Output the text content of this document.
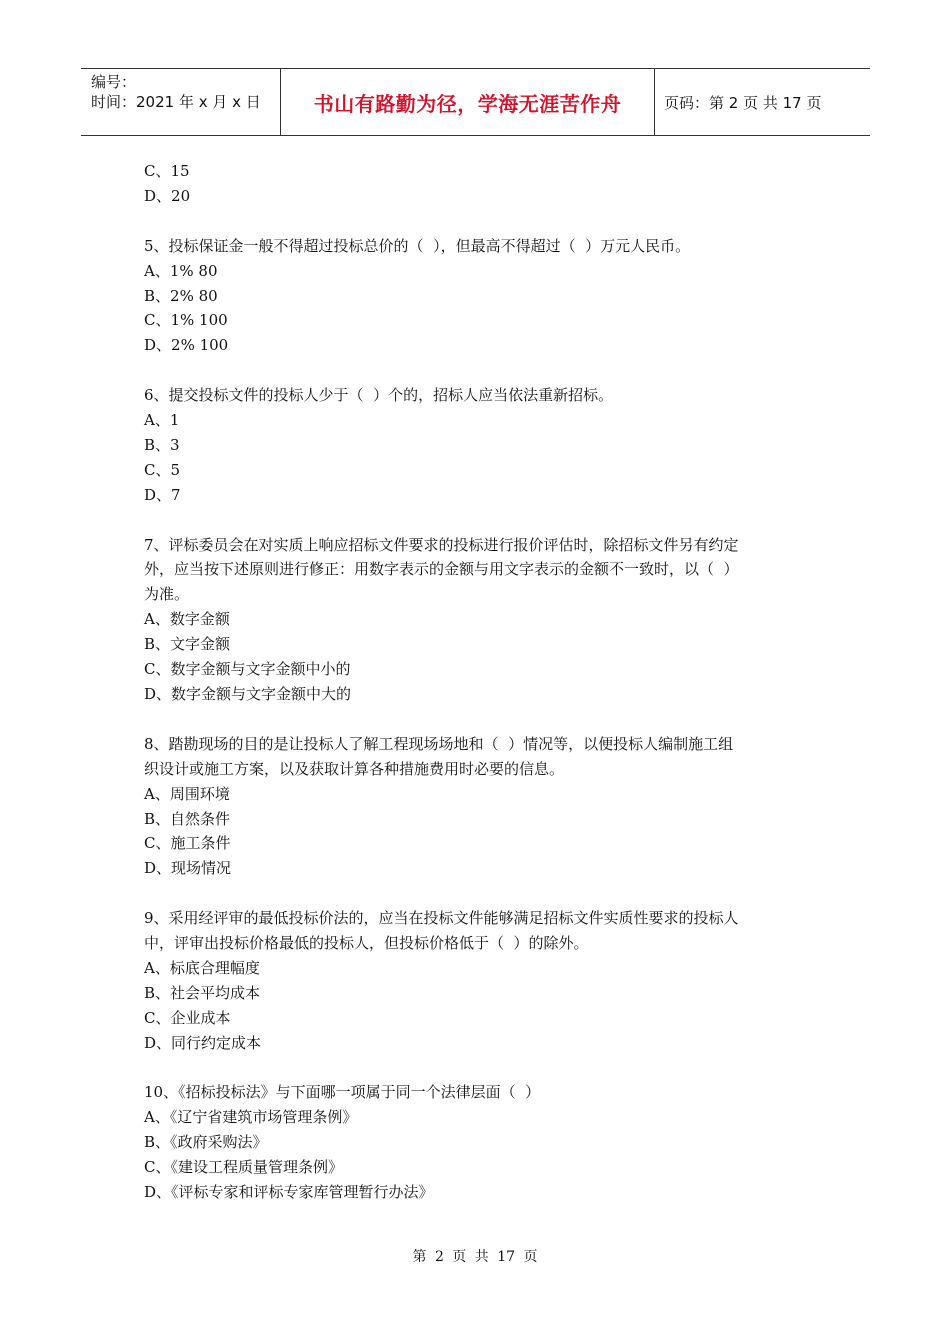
编号：
时间：2021 年 x 月 x 日	书山有路勤为径，学海无涯苦作舟	页码：第 2 页 共 17 页
C、15
D、20
5、投标保证金一般不得超过投标总价的（  ），但最高不得超过（  ）万元人民币。
A、1% 80
B、2% 80
C、1% 100
D、2% 100
6、提交投标文件的投标人少于（  ）个的，招标人应当依法重新招标。
A、1
B、3
C、5
D、7
7、评标委员会在对实质上响应招标文件要求的投标进行报价评估时，除招标文件另有约定
外，应当按下述原则进行修正：用数字表示的金额与用文字表示的金额不一致时，以（  ）
为准。
A、数字金额
B、文字金额
C、数字金额与文字金额中小的
D、数字金额与文字金额中大的
8、踏勘现场的目的是让投标人了解工程现场场地和（  ）情况等，以便投标人编制施工组
织设计或施工方案，以及获取计算各种措施费用时必要的信息。
A、周围环境
B、自然条件
C、施工条件
D、现场情况
9、采用经评审的最低投标价法的，应当在投标文件能够满足招标文件实质性要求的投标人
中，评审出投标价格最低的投标人，但投标价格低于（  ）的除外。
A、标底合理幅度
B、社会平均成本
C、企业成本
D、同行约定成本
10、《招标投标法》与下面哪一项属于同一个法律层面（  ）
A、《辽宁省建筑市场管理条例》
B、《政府采购法》
C、《建设工程质量管理条例》
D、《评标专家和评标专家库管理暂行办法》
第 2 页 共 17 页
